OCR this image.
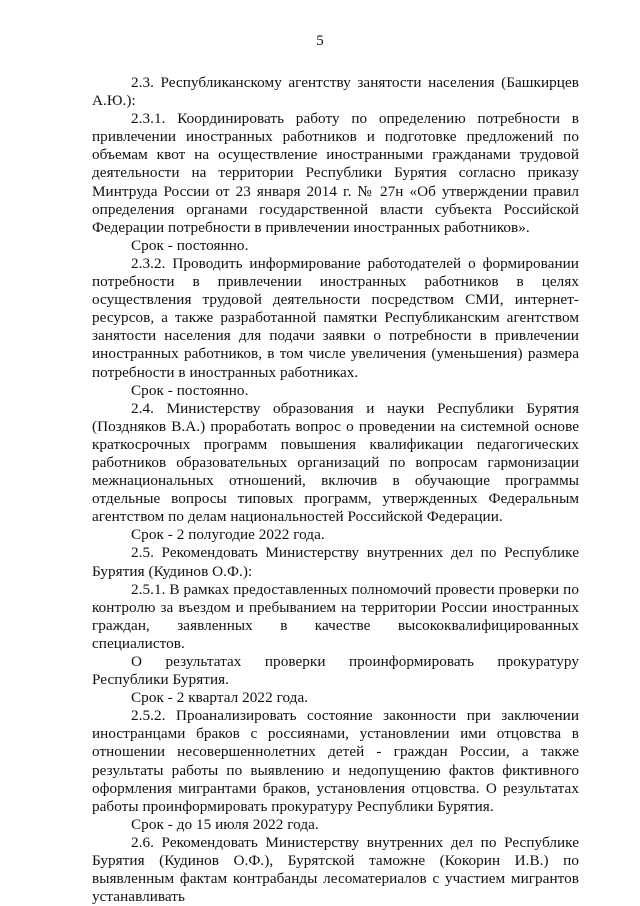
5

2.3. Республиканскому агентству занятости населения (Башкирцев А.Ю.):

2.3.1. Координировать работу по определению потребности в привлечении иностранных работников и подготовке предложений по объемам квот на осуществление иностранными гражданами трудовой деятельности на территории Республики Бурятия согласно приказу Минтруда России от 23 января 2014 г. № 27н «Об утверждении правил определения органами государственной власти субъекта Российской Федерации потребности в привлечении иностранных работников».

Срок - постоянно.

2.3.2. Проводить информирование работодателей о формировании потребности в привлечении иностранных работников в целях осуществления трудовой деятельности посредством СМИ, интернет-ресурсов, а также разработанной памятки Республиканским агентством занятости населения для подачи заявки о потребности в привлечении иностранных работников, в том числе увеличения (уменьшения) размера потребности в иностранных работниках.

Срок - постоянно.

2.4. Министерству образования и науки Республики Бурятия (Поздняков В.А.) проработать вопрос о проведении на системной основе краткосрочных программ повышения квалификации педагогических работников образовательных организаций по вопросам гармонизации межнациональных отношений, включив в обучающие программы отдельные вопросы типовых программ, утвержденных Федеральным агентством по делам национальностей Российской Федерации.

Срок - 2 полугодие 2022 года.

2.5. Рекомендовать Министерству внутренних дел по Республике Бурятия (Кудинов О.Ф.):

2.5.1. В рамках предоставленных полномочий провести проверки по контролю за въездом и пребыванием на территории России иностранных граждан, заявленных в качестве высококвалифицированных специалистов.

О результатах проверки проинформировать прокуратуру Республики Бурятия.

Срок - 2 квартал 2022 года.

2.5.2. Проанализировать состояние законности при заключении иностранцами браков с россиянами, установлении ими отцовства в отношении несовершеннолетних детей - граждан России, а также результаты работы по выявлению и недопущению фактов фиктивного оформления мигрантами браков, установления отцовства. О результатах работы проинформировать прокуратуру Республики Бурятия.

Срок - до 15 июля 2022 года.

2.6. Рекомендовать Министерству внутренних дел по Республике Бурятия (Кудинов О.Ф.), Бурятской таможне (Кокорин И.В.) по выявленным фактам контрабанды лесоматериалов с участием мигрантов устанавливать
